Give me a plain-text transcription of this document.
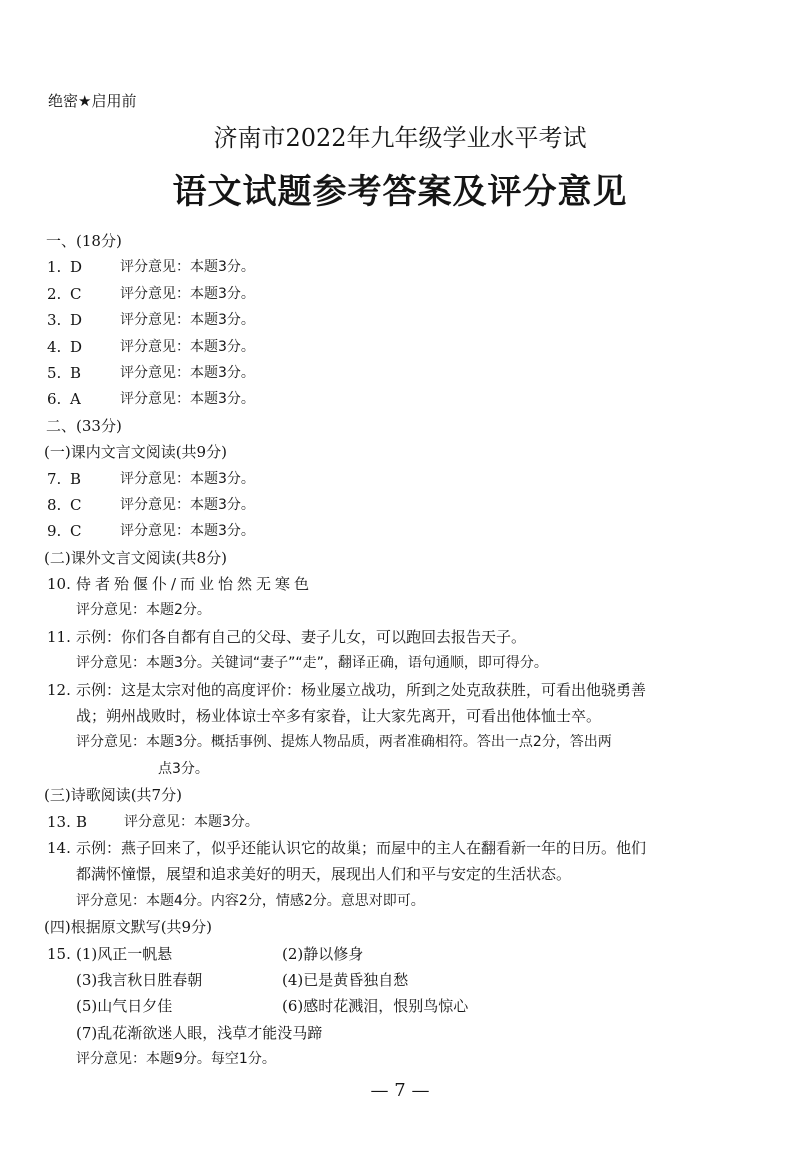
绝密★启用前
济南市2022年九年级学业水平考试
语文试题参考答案及评分意见
一、(18分)
1. D	评分意见：本题3分。
2. C	评分意见：本题3分。
3. D	评分意见：本题3分。
4. D	评分意见：本题3分。
5. B	评分意见：本题3分。
6. A	评分意见：本题3分。
二、(33分)
(一)课内文言文阅读(共9分)
7. B	评分意见：本题3分。
8. C	评分意见：本题3分。
9. C	评分意见：本题3分。
(二)课外文言文阅读(共8分)
10. 侍者殆偃仆/而业怡然无寒色
评分意见：本题2分。
11. 示例：你们各自都有自己的父母、妻子儿女，可以跑回去报告天子。
评分意见：本题3分。关键词“妻子”“走”，翻译正确，语句通顺，即可得分。
12. 示例：这是太宗对他的高度评价：杨业屡立战功，所到之处克敌获胜，可看出他骁勇善
战；朔州战败时，杨业体谅士卒多有家眷，让大家先离开，可看出他体恤士卒。
评分意见：本题3分。概括事例、提炼人物品质，两者准确相符。答出一点2分，答出两
点3分。
(三)诗歌阅读(共7分)
13. B	评分意见：本题3分。
14. 示例：燕子回来了，似乎还能认识它的故巢；而屋中的主人在翻看新一年的日历。他们
都满怀憧憬，展望和追求美好的明天，展现出人们和平与安定的生活状态。
评分意见：本题4分。内容2分，情感2分。意思对即可。
(四)根据原文默写(共9分)
15. (1)风正一帆悬	(2)静以修身
(3)我言秋日胜春朝	(4)已是黄昏独自愁
(5)山气日夕佳	(6)感时花溅泪，恨别鸟惊心
(7)乱花渐欲迷人眼，浅草才能没马蹄
评分意见：本题9分。每空1分。
— 7 —
